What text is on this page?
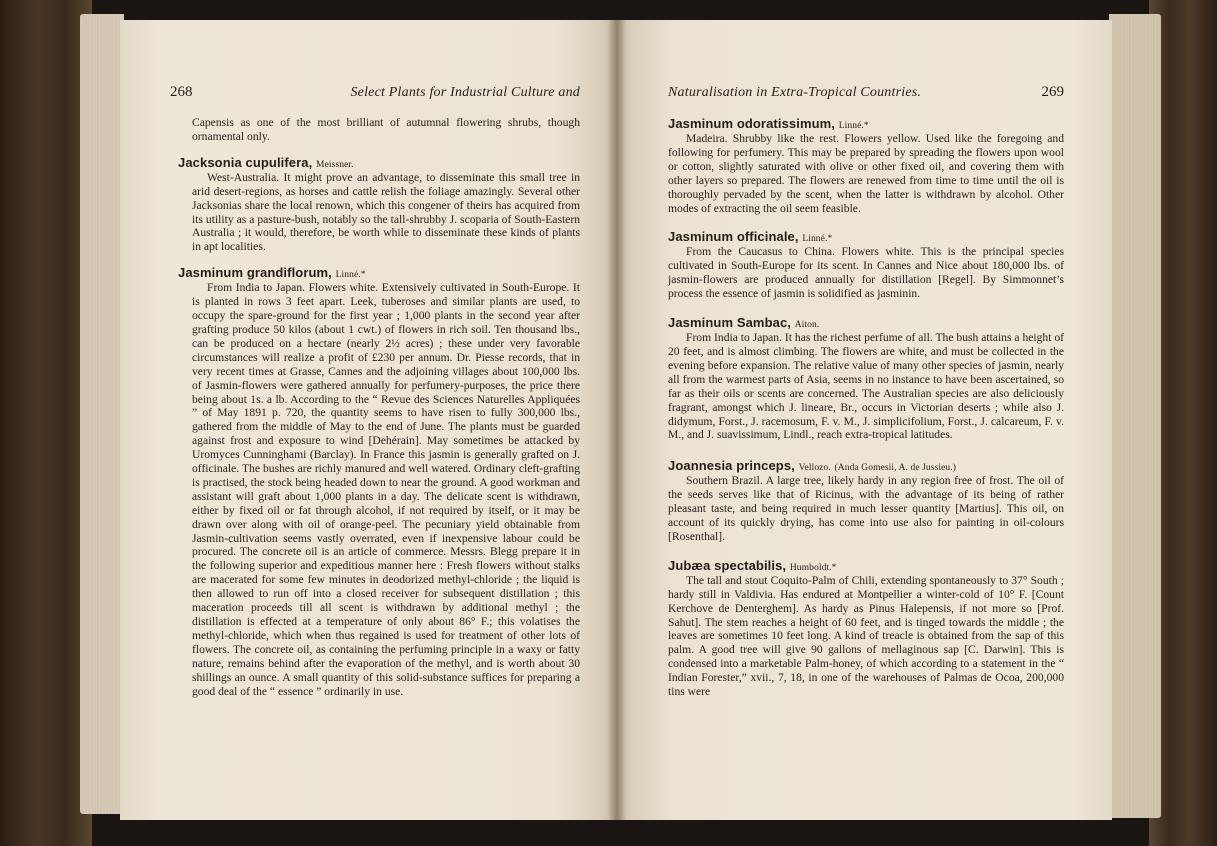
268	Select Plants for Industrial Culture and

Capensis as one of the most brilliant of autumnal flowering shrubs, though ornamental only.

Jacksonia cupulifera, Meissner.

West-Australia. It might prove an advantage, to disseminate this small tree in arid desert-regions, as horses and cattle relish the foliage amazingly. Several other Jacksonias share the local renown, which this congener of theirs has acquired from its utility as a pasture-bush, notably so the tall-shrubby J. scoparia of South-Eastern Australia ; it would, therefore, be worth while to disseminate these kinds of plants in apt localities.

Jasminum grandiflorum, Linné.*

From India to Japan. Flowers white. Extensively cultivated in South-Europe. It is planted in rows 3 feet apart. Leek, tuberoses and similar plants are used, to occupy the spare-ground for the first year ; 1,000 plants in the second year after grafting produce 50 kilos (about 1 cwt.) of flowers in rich soil. Ten thousand lbs., can be produced on a hectare (nearly 2½ acres) ; these under very favorable circumstances will realize a profit of £230 per annum. Dr. Piesse records, that in very recent times at Grasse, Cannes and the adjoining villages about 100,000 lbs. of Jasmin-flowers were gathered annually for perfumery-purposes, the price there being about 1s. a lb. According to the “ Revue des Sciences Naturelles Appliquées ” of May 1891 p. 720, the quantity seems to have risen to fully 300,000 lbs., gathered from the middle of May to the end of June. The plants must be guarded against frost and exposure to wind [Dehérain]. May sometimes be attacked by Uromyces Cunninghami (Barclay). In France this jasmin is generally grafted on J. officinale. The bushes are richly manured and well watered. Ordinary cleft-grafting is practised, the stock being headed down to near the ground. A good workman and assistant will graft about 1,000 plants in a day. The delicate scent is withdrawn, either by fixed oil or fat through alcohol, if not required by itself, or it may be drawn over along with oil of orange-peel. The pecuniary yield obtainable from Jasmin-cultivation seems vastly overrated, even if inexpensive labour could be procured. The concrete oil is an article of commerce. Messrs. Blegg prepare it in the following superior and expeditious manner here : Fresh flowers without stalks are macerated for some few minutes in deodorized methyl-chloride ; the liquid is then allowed to run off into a closed receiver for subsequent distillation ; this maceration proceeds till all scent is withdrawn by additional methyl ; the distillation is effected at a temperature of only about 86° F.; this volatises the methyl-chloride, which when thus regained is used for treatment of other lots of flowers. The concrete oil, as containing the perfuming principle in a waxy or fatty nature, remains behind after the evaporation of the methyl, and is worth about 30 shillings an ounce. A small quantity of this solid-substance suffices for preparing a good deal of the “ essence ” ordinarily in use.

Naturalisation in Extra-Tropical Countries.	269
Jasminum odoratissimum, Linné.*

Madeira. Shrubby like the rest. Flowers yellow. Used like the foregoing and following for perfumery. This may be prepared by spreading the flowers upon wool or cotton, slightly saturated with olive or other fixed oil, and covering them with other layers so prepared. The flowers are renewed from time to time until the oil is thoroughly pervaded by the scent, when the latter is withdrawn by alcohol. Other modes of extracting the oil seem feasible.

Jasminum officinale, Linné.*

From the Caucasus to China. Flowers white. This is the principal species cultivated in South-Europe for its scent. In Cannes and Nice about 180,000 lbs. of jasmin-flowers are produced annually for distillation [Regel]. By Simmonnet’s process the essence of jasmin is solidified as jasminin.

Jasminum Sambac, Aiton.

From India to Japan. It has the richest perfume of all. The bush attains a height of 20 feet, and is almost climbing. The flowers are white, and must be collected in the evening before expansion. The relative value of many other species of jasmin, nearly all from the warmest parts of Asia, seems in no instance to have been ascertained, so far as their oils or scents are concerned. The Australian species are also deliciously fragrant, amongst which J. lineare, Br., occurs in Victorian deserts ; while also J. didymum, Forst., J. racemosum, F. v. M., J. simplicifolium, Forst., J. calcareum, F. v. M., and J. suavissimum, Lindl., reach extra-tropical latitudes.

Joannesia princeps, Vellozo. (Anda Gomesii, A. de Jussieu.)

Southern Brazil. A large tree, likely hardy in any region free of frost. The oil of the seeds serves like that of Ricinus, with the advantage of its being of rather pleasant taste, and being required in much lesser quantity [Martius]. This oil, on account of its quickly drying, has come into use also for painting in oil-colours [Rosenthal].

Jubæa spectabilis, Humboldt.*

The tall and stout Coquito-Palm of Chili, extending spontaneously to 37° South ; hardy still in Valdivia. Has endured at Montpellier a winter-cold of 10° F. [Count Kerchove de Denterghem]. As hardy as Pinus Halepensis, if not more so [Prof. Sahut]. The stem reaches a height of 60 feet, and is tinged towards the middle ; the leaves are sometimes 10 feet long. A kind of treacle is obtained from the sap of this palm. A good tree will give 90 gallons of mellaginous sap [C. Darwin]. This is condensed into a marketable Palm-honey, of which according to a statement in the “ Indian Forester,” xvii., 7, 18, in one of the warehouses of Palmas de Ocoa, 200,000 tins were
